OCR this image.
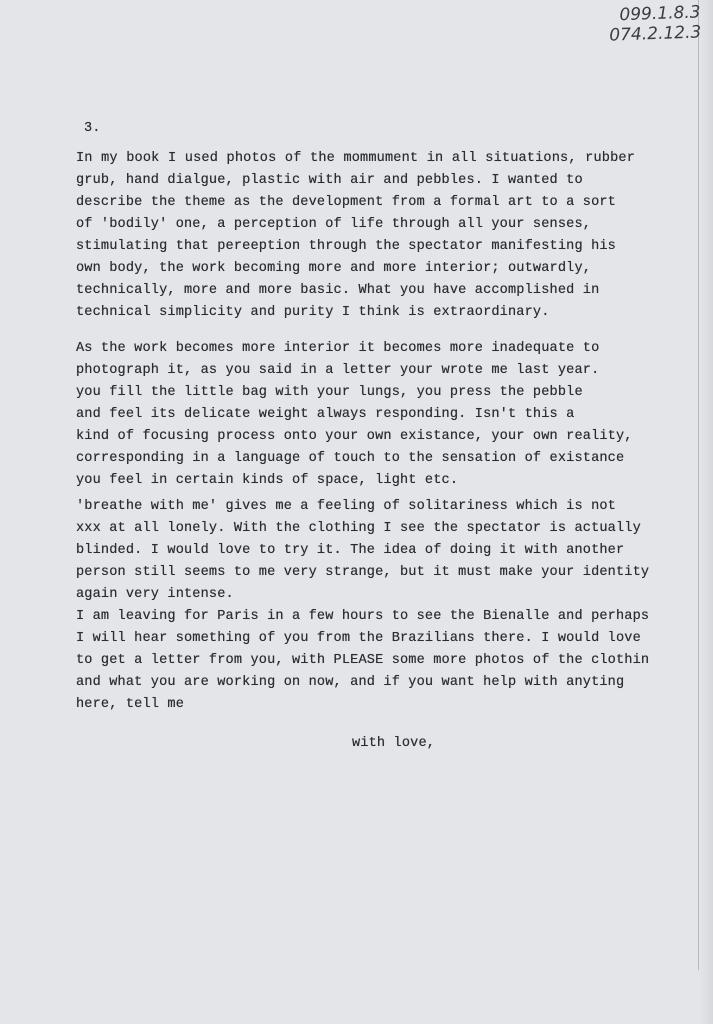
099.1.8.3
074.2.12.3
3.
In my book I used photos of the mommument in all situations, rubber
grub, hand dialgue, plastic with air and pebbles. I wanted to
describe the theme as the development from a formal art to a sort
of 'bodily' one, a perception of life through all your senses,
stimulating that pereeption through the spectator manifesting his
own body, the work becoming more and more interior; outwardly,
technically, more and more basic. What you have accomplished in
technical simplicity and purity I think is extraordinary.
As the work becomes more interior it becomes more inadequate to
photograph it, as you said in a letter your wrote me last year.
you fill the little bag with your lungs, you press the pebble
and feel its delicate weight always responding. Isn't this a
kind of focusing process onto your own existance, your own reality,
corresponding in a language of touch to the sensation of existance
you feel in certain kinds of space, light etc.
'breathe with me' gives me a feeling of solitariness which is not
xxx at all lonely. With the clothing I see the spectator is actually
blinded. I would love to try it. The idea of doing it with another
person still seems to me very strange, but it must make your identity
again very intense.
I am leaving for Paris in a few hours to see the Bienalle and perhaps
I will hear something of you from the Brazilians there. I would love
to get a letter from you, with PLEASE some more photos of the clothin
and what you are working on now, and if you want help with anyting
here, tell me
with love,
